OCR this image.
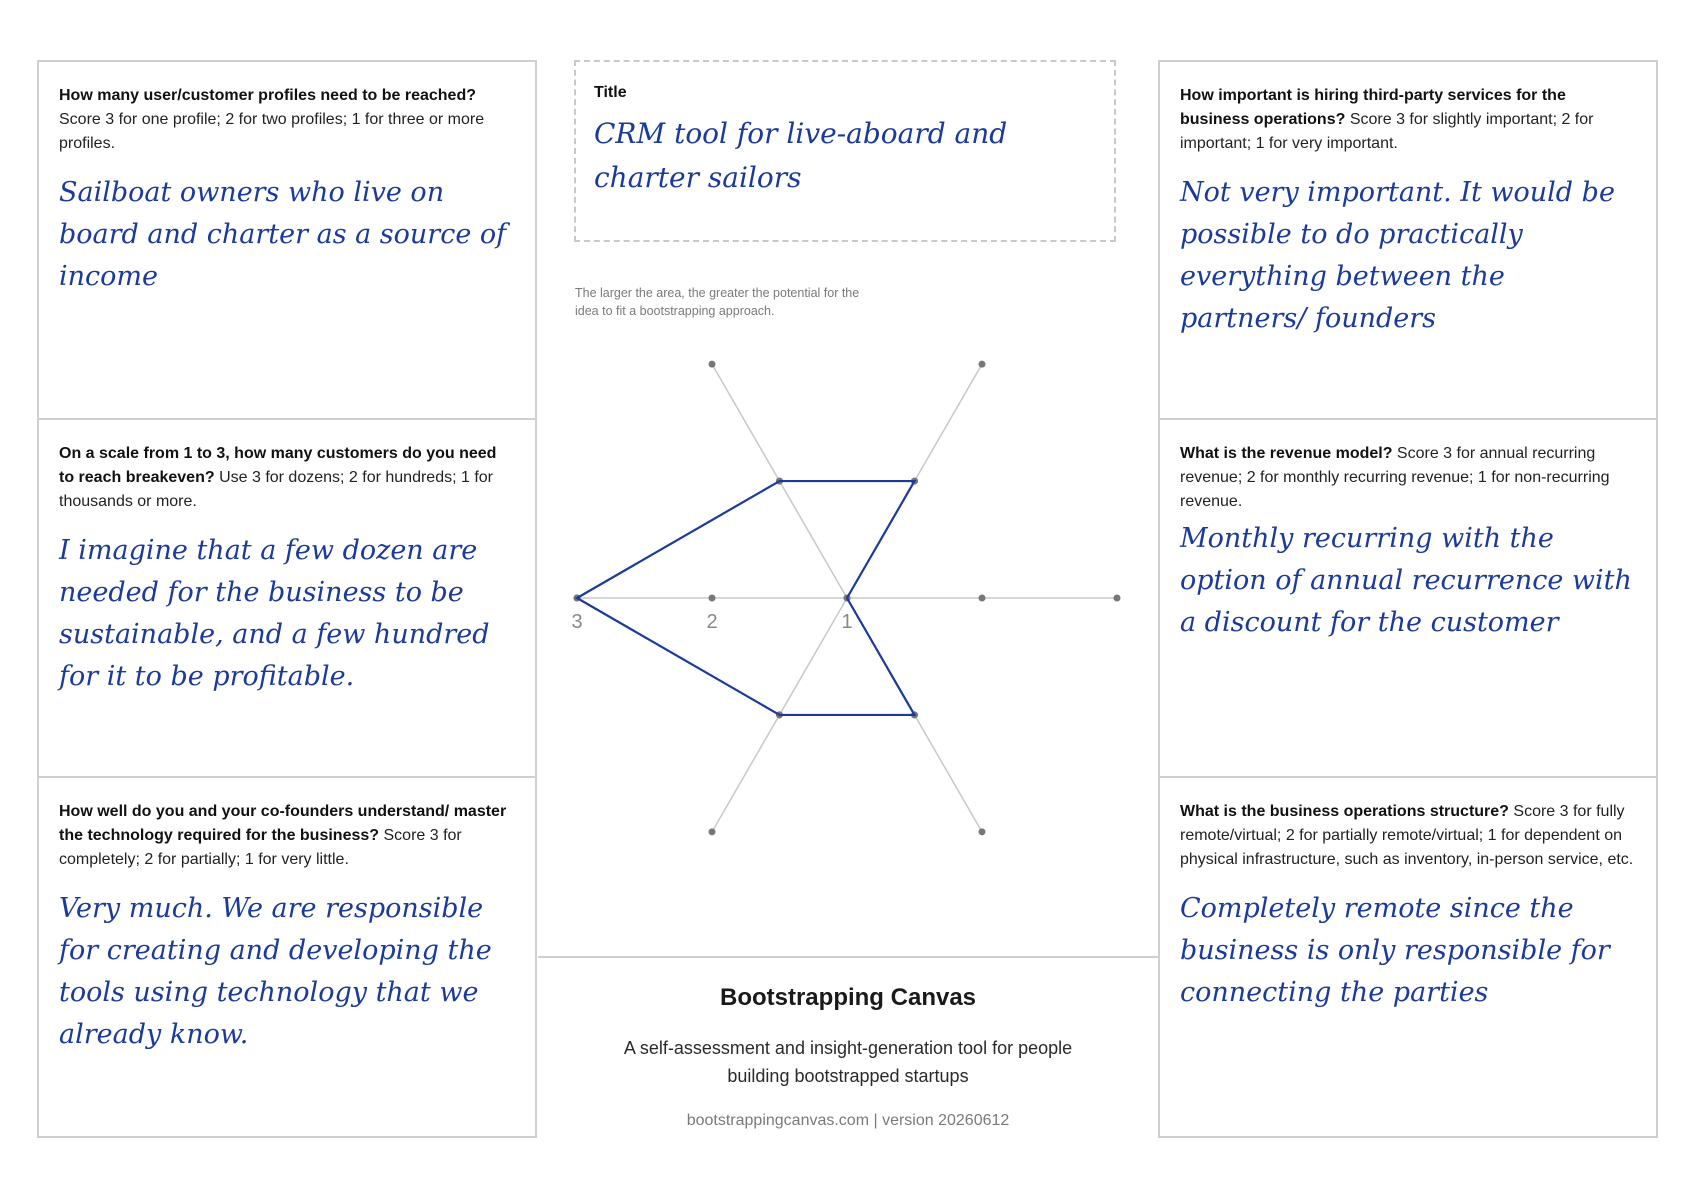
How many user/customer profiles need to be reached? Score 3 for one profile; 2 for two profiles; 1 for three or more profiles.

Sailboat owners who live on board and charter as a source of income

On a scale from 1 to 3, how many customers do you need to reach breakeven? Use 3 for dozens; 2 for hundreds; 1 for thousands or more.

I imagine that a few dozen are needed for the business to be sustainable, and a few hundred for it to be profitable.

How well do you and your co-founders understand/ master the technology required for the business? Score 3 for completely; 2 for partially; 1 for very little.

Very much. We are responsible for creating and developing the tools using technology that we already know.

How important is hiring third-party services for the business operations? Score 3 for slightly important; 2 for important; 1 for very important.

Not very important. It would be possible to do practically everything between the partners/ founders

What is the revenue model? Score 3 for annual recurring revenue; 2 for monthly recurring revenue; 1 for non-recurring revenue.

Monthly recurring with the option of annual recurrence with a discount for the customer

What is the business operations structure? Score 3 for fully remote/virtual; 2 for partially remote/virtual; 1 for dependent on physical infrastructure, such as inventory, in-person service, etc.

Completely remote since the business is only responsible for connecting the parties
Title
CRM tool for live-aboard and charter sailors
The larger the area, the greater the potential for the idea to fit a bootstrapping approach.
3	2	1
Bootstrapping Canvas
A self-assessment and insight-generation tool for people building bootstrapped startups
bootstrappingcanvas.com | version 20260612
